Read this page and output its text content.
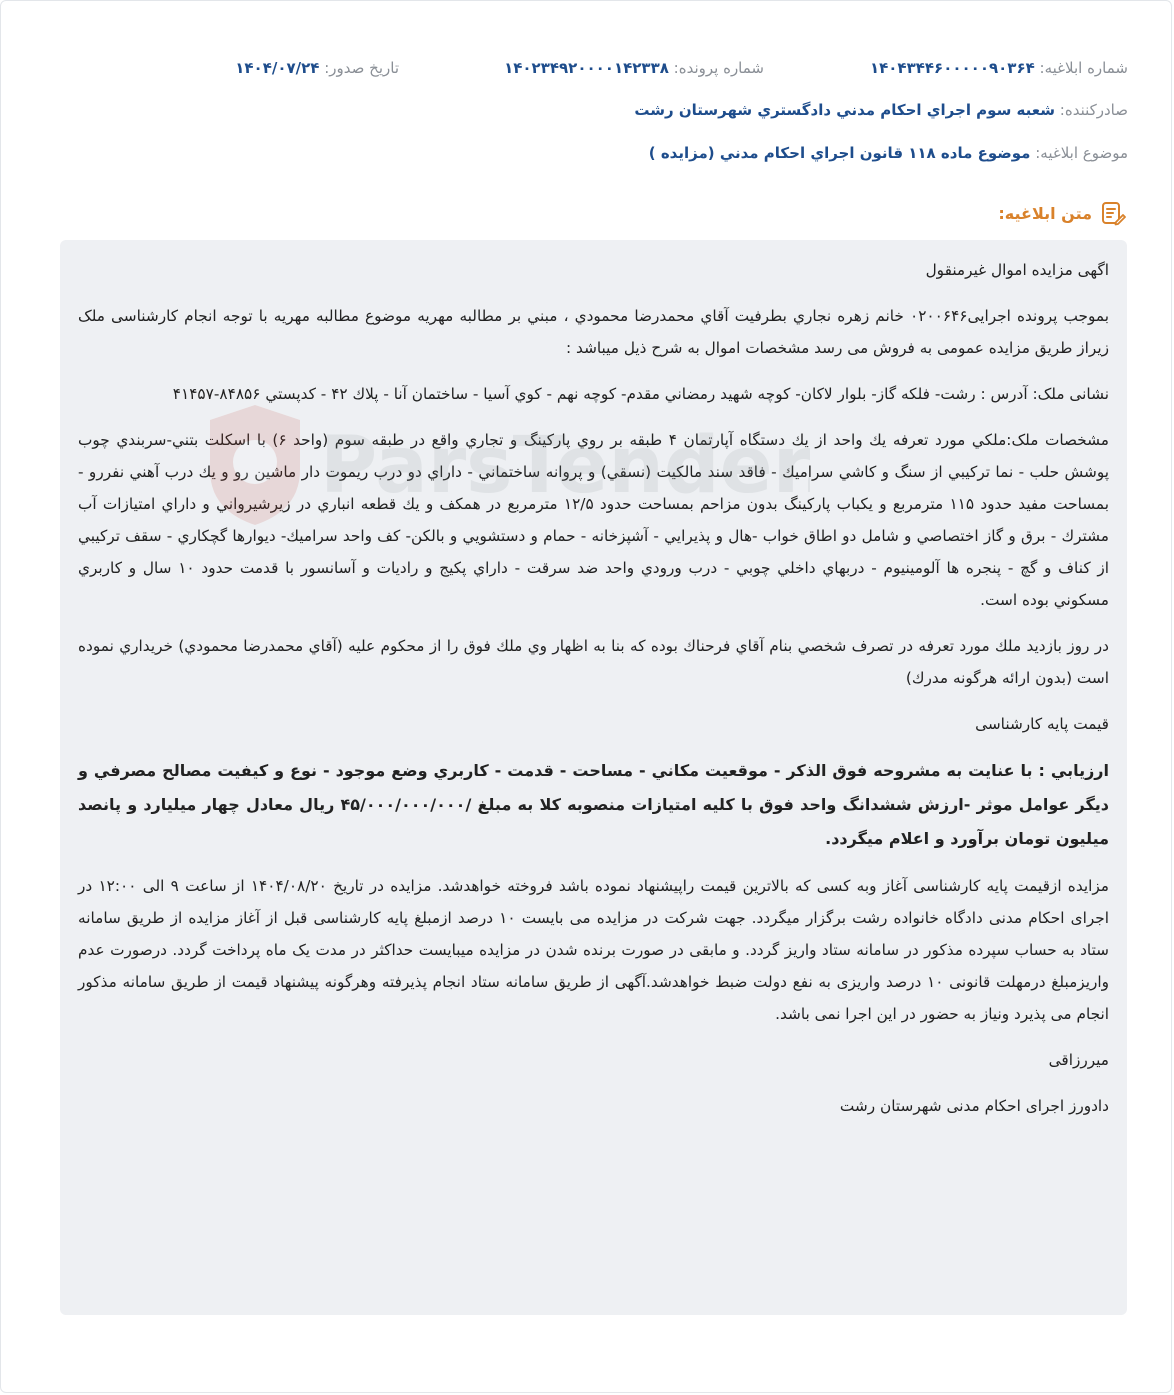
شماره ابلاغیه: ۱۴۰۴۳۴۴۶۰۰۰۰۰۹۰۳۶۴
شماره پرونده: ۱۴۰۲۳۴۹۲۰۰۰۰۱۴۲۳۳۸
تاریخ صدور: ۱۴۰۴/۰۷/۲۴
صادرکننده: شعبه سوم اجراي احكام مدني دادگستري شهرستان رشت
موضوع ابلاغیه: موضوع ماده ۱۱۸ قانون اجراي احكام مدني (مزايده )
متن ابلاغیه:

اگهی مزایده اموال غیرمنقول

بموجب پرونده اجرایی۰۲۰۰۶۴۶ خانم زهره نجاري بطرفيت آقاي محمدرضا محمودي ، مبني بر مطالبه مهريه موضوع مطالبه مهريه با توجه انجام كارشناسی ملک زيراز طريق مزايده عمومی به فروش می رسد مشخصات اموال به شرح ذيل ميباشد :

نشانی ملک: آدرس : رشت- فلکه گاز- بلوار لاكان- كوچه شهيد رمضاني مقدم- كوچه نهم - كوي آسيا - ساختمان آنا - پلاك ۴۲ - كدپستي ۸۴۸۵۶-۴۱۴۵۷

مشخصات ملک:ملكي مورد تعرفه يك واحد از يك دستگاه آپارتمان ۴ طبقه بر روي پاركينگ و تجاري واقع در طبقه سوم (واحد ۶) با اسكلت بتني-سربندي چوب پوشش حلب - نما تركيبي از سنگ و كاشي سراميك - فاقد سند مالكيت (نسقي) و پروانه ساختماني - داراي دو درب ريموت دار ماشين رو و يك درب آهني نفررو - بمساحت مفيد حدود ۱۱۵ مترمربع و يكباب پاركينگ بدون مزاحم بمساحت حدود ۱۲/۵ مترمربع در همكف و يك قطعه انباري در زيرشيرواني و داراي امتيازات آب مشترك - برق و گاز اختصاصي و شامل دو اطاق خواب -هال و پذيرايي - آشپزخانه - حمام و دستشويي و بالكن- كف واحد سراميك- ديوارها گچكاري - سقف تركيبي از كناف و گچ - پنجره ها آلومينيوم - دربهاي داخلي چوبي - درب ورودي واحد ضد سرقت - داراي پكيج و راديات و آسانسور با قدمت حدود ۱۰ سال و كاربري مسكوني بوده است.

در روز بازديد ملك مورد تعرفه در تصرف شخصي بنام آقاي فرحناك بوده كه بنا به اظهار وي ملك فوق را از محكوم عليه (آقاي محمدرضا محمودي) خريداري نموده است (بدون ارائه هرگونه مدرك)

قیمت پایه کارشناسی

ارزيابي : با عنايت به مشروحه فوق الذكر - موقعيت مكاني - مساحت - قدمت - كاربري وضع موجود - نوع و كيفيت مصالح مصرفي و ديگر عوامل موثر -ارزش ششدانگ واحد فوق با كليه امتيازات منصوبه كلا به مبلغ /۴۵/۰۰۰/۰۰۰/۰۰۰ ريال معادل چهار ميليارد و پانصد ميليون تومان برآورد و اعلام ميگردد.

مزایده ازقیمت پایه کارشناسی آغاز وبه کسی که بالاترین قیمت راپیشنهاد نموده باشد فروخته خواهدشد. مزایده در تاریخ ۱۴۰۴/۰۸/۲۰ از ساعت ۹ الی ۱۲:۰۰ در اجرای احکام مدنی دادگاه خانواده رشت برگزار میگردد. جهت شرکت در مزایده می بایست ۱۰ درصد ازمبلغ پایه کارشناسی قبل از آغاز مزایده از طریق سامانه ستاد به حساب سپرده مذکور در سامانه ستاد واریز گردد. و مابقی در صورت برنده شدن در مزایده میبایست حداکثر در مدت یک ماه پرداخت گردد. درصورت عدم واریزمبلغ درمهلت قانونی ۱۰ درصد واریزی به نفع دولت ضبط خواهدشد.آگهی از طریق سامانه ستاد انجام پذیرفته وهرگونه پیشنهاد قیمت از طریق سامانه مذکور انجام می پذیرد ونیاز به حضور در این اجرا نمی باشد.

میررزاقی

دادورز اجرای احکام مدنی شهرستان رشت
